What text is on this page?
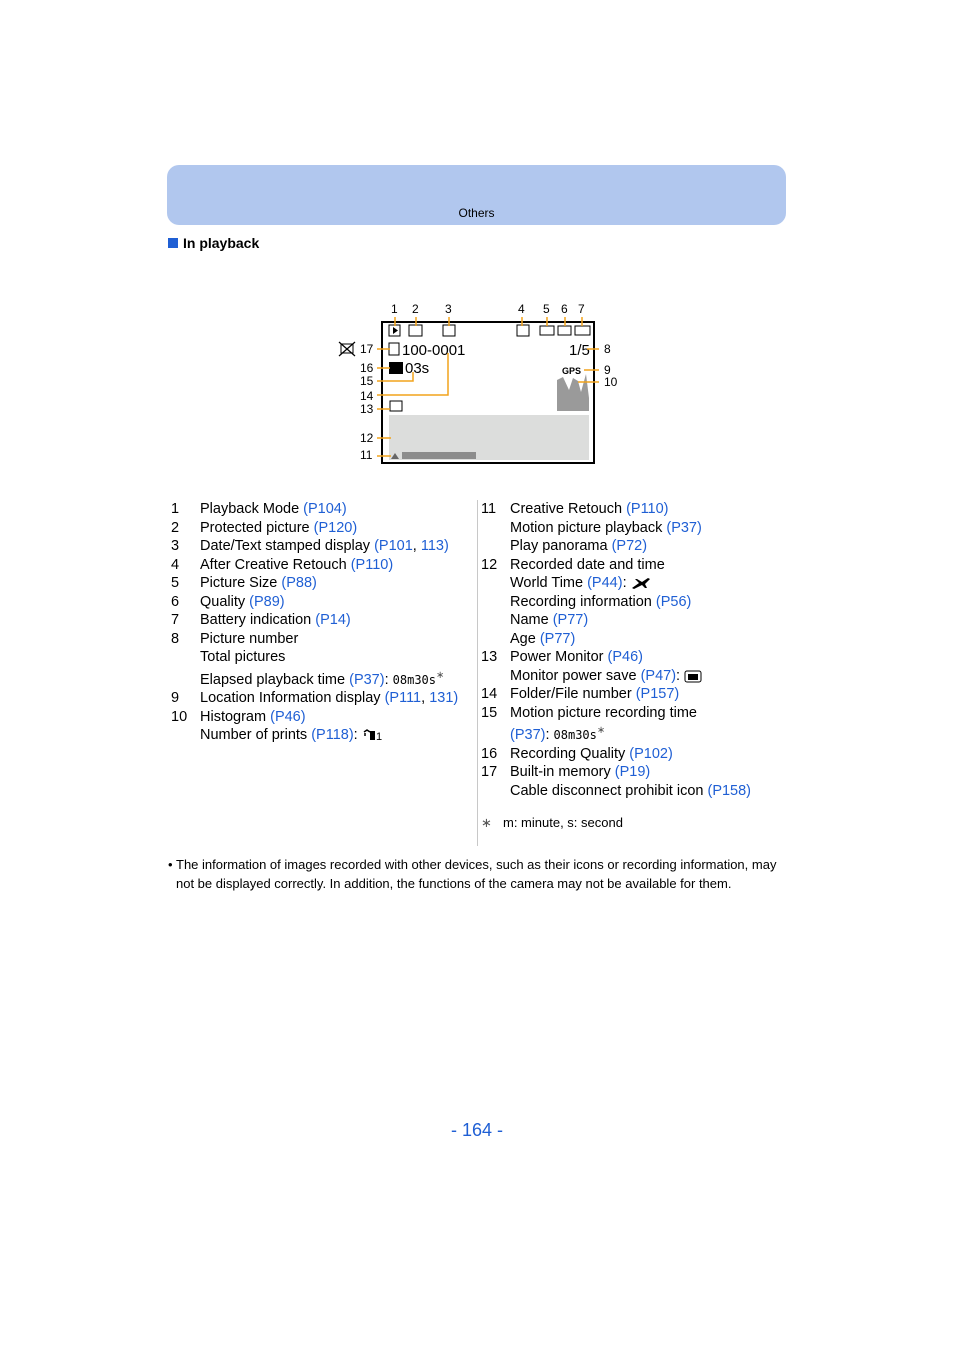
Others
In playback
100-0001
03s
1/5
GPS
1 2 3	4 5 6 7
17
16
15
14
13
12
11
8
9
10
1	Playback Mode (P104)
2	Protected picture (P120)
3	Date/Text stamped display (P101, 113)
4	After Creative Retouch (P110)
5	Picture Size (P88)
6	Quality (P89)
7	Battery indication (P14)
8	Picture number
Total pictures
Elapsed playback time (P37): 08m30s∗
9	Location Information display (P111, 131)
10 Histogram (P46)
Number of prints (P118): 1
11 Creative Retouch (P110)
Motion picture playback (P37)
Play panorama (P72)
12 Recorded date and time
World Time (P44):
Recording information (P56)
Name (P77)
Age (P77)
13 Power Monitor (P46)
Monitor power save (P47):
14 Folder/File number (P157)
15 Motion picture recording time
(P37): 08m30s∗
16 Recording Quality (P102)
17 Built-in memory (P19)
Cable disconnect prohibit icon (P158)
∗ m: minute, s: second
• The information of images recorded with other devices, such as their icons or recording information, may not be displayed correctly. In addition, the functions of the camera may not be available for them.
- 164 -
